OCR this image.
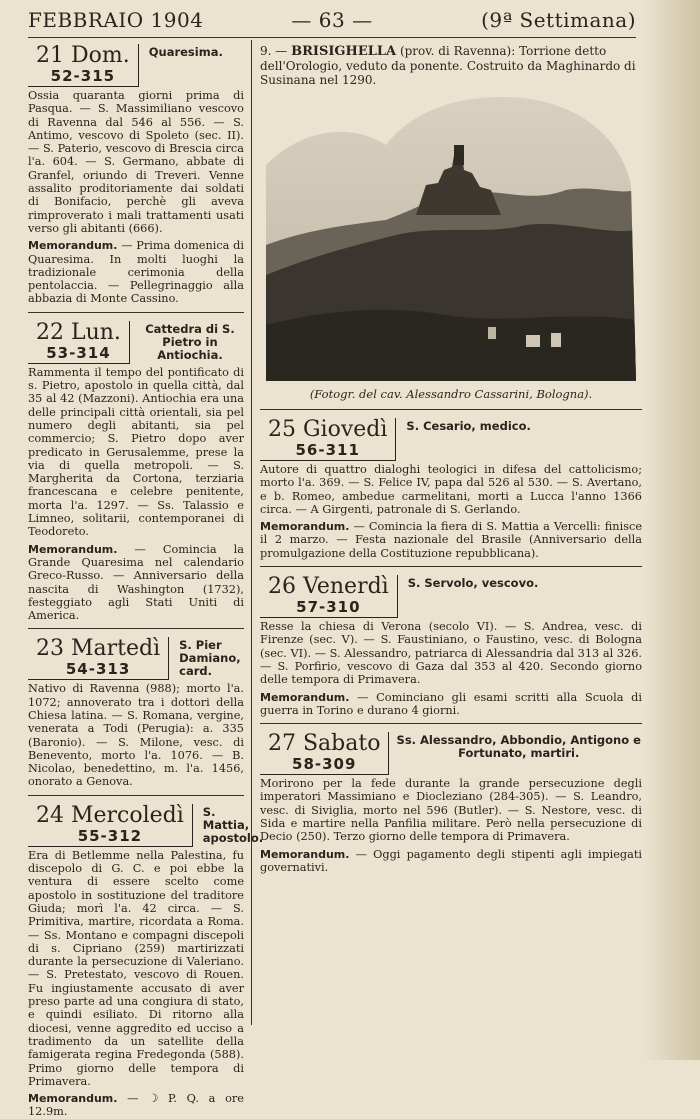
FEBBRAIO 1904	— 63 —	(9ª Settimana)
21 Dom.
52-315
Quaresima.
Ossia quaranta giorni prima di Pasqua. — S. Massimiliano vescovo di Ravenna dal 546 al 556. — S. Antimo, vescovo di Spoleto (sec. II). — S. Paterio, vescovo di Brescia circa l'a. 604. — S. Germano, abbate di Granfel, oriundo di Treveri. Venne assalito proditoriamente dai soldati di Bonifacio, perchè gli aveva rimproverato i mali trattamenti usati verso gli abitanti (666).
Memorandum. — Prima domenica di Quaresima. In molti luoghi la tradizionale cerimonia della pentolaccia. — Pellegrinaggio alla abbazia di Monte Cassino.
22 Lun.
53-314
Cattedra di S. Pietro in Antiochia.
Rammenta il tempo del pontificato di s. Pietro, apostolo in quella città, dal 35 al 42 (Mazzoni). Antiochia era una delle principali città orientali, sia pel numero degli abitanti, sia pel commercio; S. Pietro dopo aver predicato in Gerusalemme, prese la via di quella metropoli. — S. Margherita da Cortona, terziaria francescana e celebre penitente, morta l'a. 1297. — Ss. Talassio e Limneo, solitarii, contemporanei di Teodoreto.
Memorandum. — Comincia la Grande Quaresima nel calendario Greco-Russo. — Anniversario della nascita di Washington (1732), festeggiato agli Stati Uniti di America.
23 Martedì
54-313
S. Pier Damiano, card.
Nativo di Ravenna (988); morto l'a. 1072; annoverato tra i dottori della Chiesa latina. — S. Romana, vergine, venerata a Todi (Perugia): a. 335 (Baronio). — S. Milone, vesc. di Benevento, morto l'a. 1076. — B. Nicolao, benedettino, m. l'a. 1456, onorato a Genova.
24 Mercoledì
55-312
S. Mattia, apostolo.
Era di Betlemme nella Palestina, fu discepolo di G. C. e poi ebbe la ventura di essere scelto come apostolo in sostituzione del traditore Giuda; morì l'a. 42 circa. — S. Primitiva, martire, ricordata a Roma. — Ss. Montano e compagni discepoli di s. Cipriano (259) martirizzati durante la persecuzione di Valeriano. — S. Pretestato, vescovo di Rouen. Fu ingiustamente accusato di aver preso parte ad una congiura di stato, e quindi esiliato. Di ritorno alla diocesi, venne aggredito ed ucciso a tradimento da un satellite della famigerata regina Fredegonda (588). Primo giorno delle tempora di Primavera.
Memorandum. — ☽ P. Q. a ore 12.9m.
9. — BRISIGHELLA (prov. di Ravenna): Torrione detto dell'Orologio, veduto da ponente. Costruito da Maghinardo di Susinana nel 1290.
(Fotogr. del cav. Alessandro Cassarini, Bologna).
25 Giovedì
56-311
S. Cesario, medico.
Autore di quattro dialoghi teologici in difesa del cattolicismo; morto l'a. 369. — S. Felice IV, papa dal 526 al 530. — S. Avertano, e b. Romeo, ambedue carmelitani, morti a Lucca l'anno 1366 circa. — A Girgenti, patronale di S. Gerlando.
Memorandum. — Comincia la fiera di S. Mattia a Vercelli: finisce il 2 marzo. — Festa nazionale del Brasile (Anniversario della promulgazione della Costituzione repubblicana).
26 Venerdì
57-310
S. Servolo, vescovo.
Resse la chiesa di Verona (secolo VI). — S. Andrea, vesc. di Firenze (sec. V). — S. Faustiniano, o Faustino, vesc. di Bologna (sec. VI). — S. Alessandro, patriarca di Alessandria dal 313 al 326. — S. Porfirio, vescovo di Gaza dal 353 al 420. Secondo giorno delle tempora di Primavera.
Memorandum. — Cominciano gli esami scritti alla Scuola di guerra in Torino e durano 4 giorni.
27 Sabato
58-309
Ss. Alessandro, Abbondio, Antigono e Fortunato, martiri.
Morirono per la fede durante la grande persecuzione degli imperatori Massimiano e Diocleziano (284-305). — S. Leandro, vesc. di Siviglia, morto nel 596 (Butler). — S. Nestore, vesc. di Sida e martire nella Panfilia militare. Però nella persecuzione di Decio (250). Terzo giorno delle tempora di Primavera.
Memorandum. — Oggi pagamento degli stipenti agli impiegati governativi.
